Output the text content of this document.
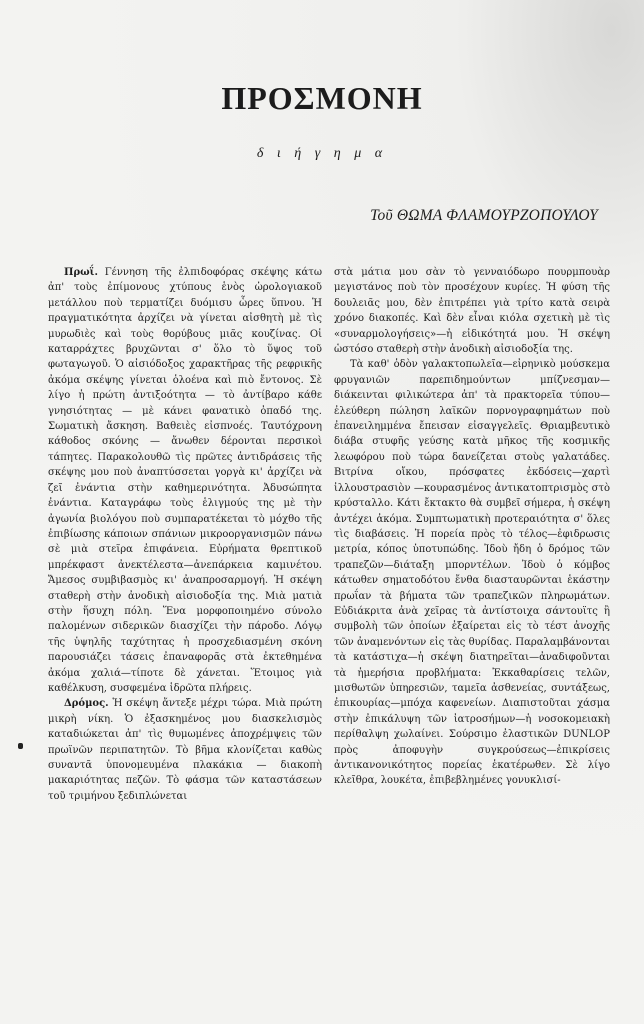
ΠΡΟΣΜΟΝΗ
δ ι ή γ η μ α
Τοῦ ΘΩΜΑ ΦΛΑΜΟΥΡΖΟΠΟΥΛΟΥ

Πρωΐ. Γέννηση τῆς ἐλπιδοφόρας σκέψης κάτω ἀπ' τοὺς ἐπίμονους χτύπους ἑνὸς ὡρολογιακοῦ μετάλλου ποὺ τερματίζει δυόμισυ ὧρες ὕπνου. Ἡ πραγματικότητα ἀρχίζει νὰ γίνεται αἰσθητὴ μὲ τὶς μυρωδιὲς καὶ τοὺς θορύβους μιᾶς κουζίνας. Οἱ καταρράχτες βρυχῶνται σ' ὅλο τὸ ὕψος τοῦ φωταγωγοῦ. Ὁ αἰσιόδοξος χαρακτῆρας τῆς ρεφρικῆς ἀκόμα σκέψης γίνεται ὁλοένα καὶ πιὸ ἔντονος. Σὲ λίγο ἡ πρώτη ἀντιξοότητα — τὸ ἀντίβαρο κάθε γνησιότητας — μὲ κάνει φανατικὸ ὀπαδό της. Σωματικὴ ἄσκηση. Βαθειὲς εἰσπνοές. Ταυτόχρονη κάθοδος σκόνης — ἄνωθεν δέρονται περσικοὶ τάπητες. Παρακολουθῶ τὶς πρῶτες ἀντιδράσεις τῆς σκέψης μου ποὺ ἀναπτύσσεται γοργὰ κι' ἀρχίζει νὰ ζεῖ ἐνάντια στὴν καθημερινότητα. Ἀδυσώπητα ἐνάντια. Καταγράφω τοὺς ἑλιγμούς της μὲ τὴν ἀγωνία βιολόγου ποὺ συμπαρατέκεται τὸ μόχθο τῆς ἐπιβίωσης κάποιων σπάνιων μικροοργανισμῶν πάνω σὲ μιὰ στεῖρα ἐπιφάνεια. Εὐρήματα θρεπτικοῦ μπρέκφαστ ἀνεκτέλεστα—ἀνεπάρκεια καμινέτου. Ἄμεσος συμβιβασμὸς κι' ἀναπροσαρμογή. Ἡ σκέψη σταθερὴ στὴν ἀνοδικὴ αἰσιοδοξία της. Μιὰ ματιὰ στὴν ἥσυχη πόλη. Ἕνα μορφοποιημένο σύνολο παλομένων σιδερικῶν διασχίζει τὴν πάροδο. Λόγῳ τῆς ὑψηλῆς ταχύτητας ἡ προσχεδιασμένη σκόνη παρουσιάζει τάσεις ἐπαναφορᾶς στὰ ἐκτεθημένα ἀκόμα χαλιά—τίποτε δὲ χάνεται. Ἕτοιμος γιὰ καθέλκυση, συσφεμένα ἱδρῶτα πλήρεις.

Δρόμος. Ἡ σκέψη ἄντεξε μέχρι τώρα. Μιὰ πρώτη μικρὴ νίκη. Ὁ ἐξασκημένος μου διασκελισμὸς καταδιώκεται ἀπ' τὶς θυμωμένες ἀποχρέμψεις τῶν πρωϊνῶν περιπατητῶν. Τὸ βῆμα κλονίζεται καθὼς συναντᾶ ὑπονομευμένα πλακάκια — διακοπὴ μακαριότητας πεζῶν. Τὸ φάσμα τῶν καταστάσεων τοῦ τριμήνου ξεδιπλώνεται

στὰ μάτια μου σὰν τὸ γενναιόδωρο πουρμπουὰρ μεγιστάνος ποὺ τὸν προσέχουν κυρίες. Ἡ φύση τῆς δουλειᾶς μου, δὲν ἐπιτρέπει γιὰ τρίτο κατὰ σειρὰ χρόνο διακοπές. Καὶ δὲν εἶναι κιόλα σχετικὴ μὲ τὶς «συναρμολογήσεις»—ἡ εἰδικότητά μου. Ἡ σκέψη ὡστόσο σταθερὴ στὴν ἀνοδικὴ αἰσιοδοξία της.

Τὰ καθ' ὁδὸν γαλακτοπωλεῖα—εἰρηνικὸ μούσκεμα φρυγανιῶν παρεπιδημούντων μπίζνεσμαν—διάκεινται φιλικώτερα ἀπ' τὰ πρακτορεῖα τύπου—ἐλεύθερη πώληση λαϊκῶν πορνογραφημάτων ποὺ ἐπανειλημμένα ἔπεισαν εἰσαγγελεῖς. Θριαμβευτικὸ διάβα στυφῆς γεύσης κατὰ μῆκος τῆς κοσμικῆς λεωφόρου ποὺ τώρα δανείζεται στοὺς γαλατάδες. Βιτρίνα οἴκου, πρόσφατες ἐκδόσεις—χαρτὶ ἰλλουστρασιὸν —κουρασμένος ἀντικατοπτρισμὸς στὸ κρύσταλλο. Κάτι ἔκτακτο θὰ συμβεῖ σήμερα, ἡ σκέψη ἀντέχει ἀκόμα. Συμπτωματικὴ προτεραιότητα σ' ὅλες τὶς διαβάσεις. Ἡ πορεία πρὸς τὸ τέλος—ἐφιδρωσις μετρία, κόπος ὑποτυπώδης. Ἰδοὺ ἤδη ὁ δρόμος τῶν τραπεζῶν—διάταξη μπορντέλων. Ἰδοὺ ὁ κόμβος κάτωθεν σηματοδότου ἔνθα διασταυρῶνται ἑκάστην πρωΐαν τὰ βήματα τῶν τραπεζικῶν πληρωμάτων. Εὐδιάκριτα ἀνὰ χεῖρας τὰ ἀντίστοιχα σάντουϊτς ἢ συμβολὴ τῶν ὁποίων ἐξαίρεται εἰς τὸ τέστ ἀνοχῆς τῶν ἀναμενόντων εἰς τὰς θυρίδας. Παραλαμβάνονται τὰ κατάστιχα—ἡ σκέψη διατηρεῖται—ἀναδιφοῦνται τὰ ἡμερήσια προβλήματα: Ἐκκαθαρίσεις τελῶν, μισθωτῶν ὑπηρεσιῶν, ταμεῖα ἀσθενείας, συντάξεως, ἐπικουρίας—μπόχα καφενείων. Διαπιστοῦται χάσμα στὴν ἐπικάλυψη τῶν ἰατροσήμων—ἡ νοσοκομειακὴ περίθαλψη χωλαίνει. Σούρσιμο ἐλαστικῶν DUNLOP πρὸς ἀποφυγὴν συγκρούσεως—ἐπικρίσεις ἀντικανονικότητος πορείας ἑκατέρωθεν. Σὲ λίγο κλεῖθρα, λουκέτα, ἐπιβεβλημένες γονυκλισί-
